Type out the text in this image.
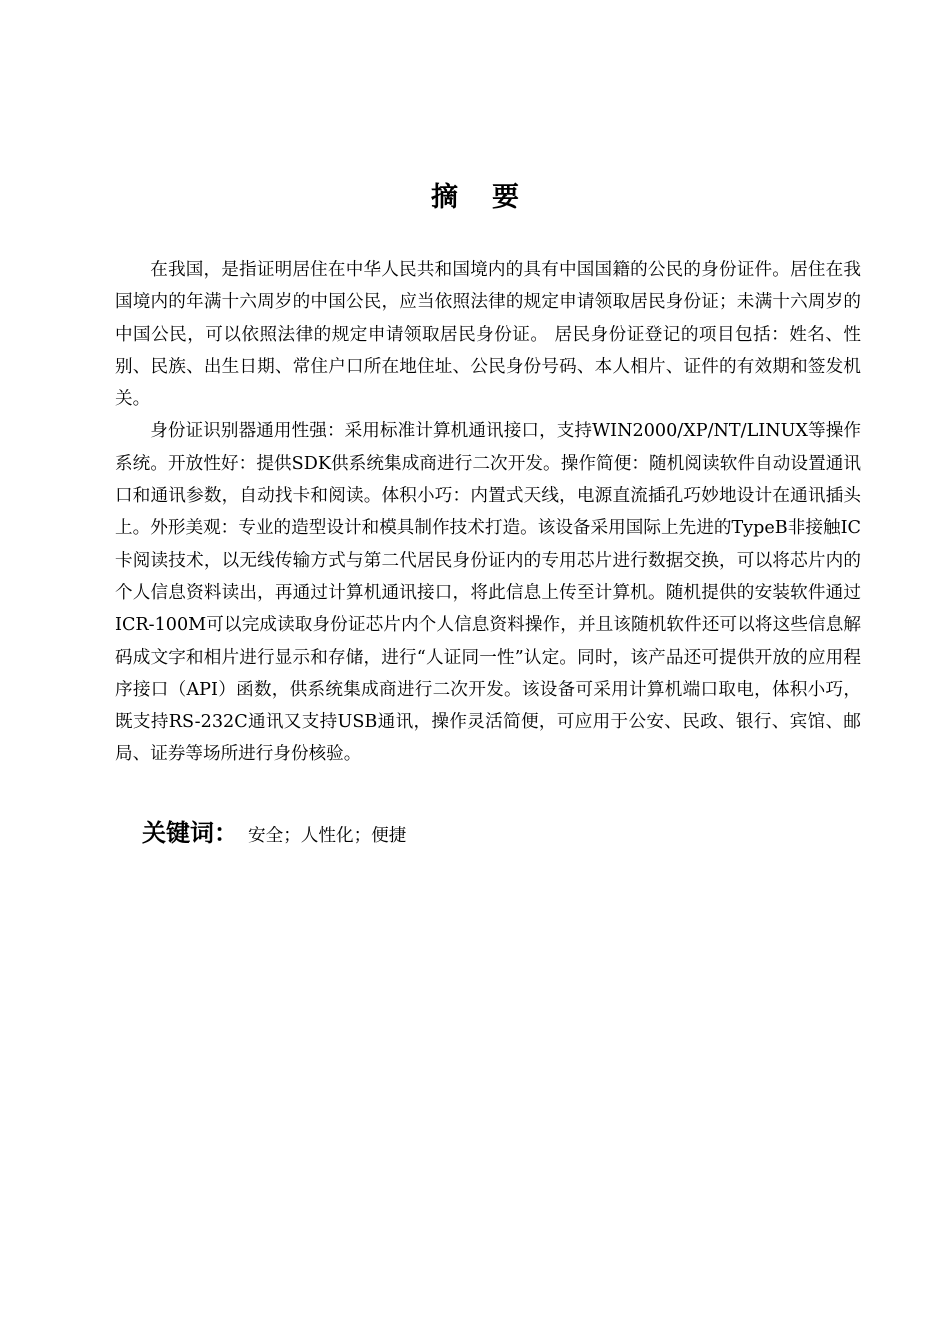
摘 要

在我国，是指证明居住在中华人民共和国境内的具有中国国籍的公民的身份证件。居住在我国境内的年满十六周岁的中国公民，应当依照法律的规定申请领取居民身份证；未满十六周岁的中国公民，可以依照法律的规定申请领取居民身份证。 居民身份证登记的项目包括：姓名、性别、民族、出生日期、常住户口所在地住址、公民身份号码、本人相片、证件的有效期和签发机关。

身份证识别器通用性强：采用标准计算机通讯接口，支持WIN2000/XP/NT/LINUX等操作系统。开放性好：提供SDK供系统集成商进行二次开发。操作简便：随机阅读软件自动设置通讯口和通讯参数，自动找卡和阅读。体积小巧：内置式天线，电源直流插孔巧妙地设计在通讯插头上。外形美观：专业的造型设计和模具制作技术打造。该设备采用国际上先进的TypeB非接触IC卡阅读技术，以无线传输方式与第二代居民身份证内的专用芯片进行数据交换，可以将芯片内的个人信息资料读出，再通过计算机通讯接口，将此信息上传至计算机。随机提供的安装软件通过ICR-100M可以完成读取身份证芯片内个人信息资料操作，并且该随机软件还可以将这些信息解码成文字和相片进行显示和存储，进行“人证同一性”认定。同时，该产品还可提供开放的应用程序接口（API）函数，供系统集成商进行二次开发。该设备可采用计算机端口取电，体积小巧，既支持RS-232C通讯又支持USB通讯，操作灵活简便，可应用于公安、民政、银行、宾馆、邮局、证券等场所进行身份核验。

关键词： 安全；人性化；便捷
